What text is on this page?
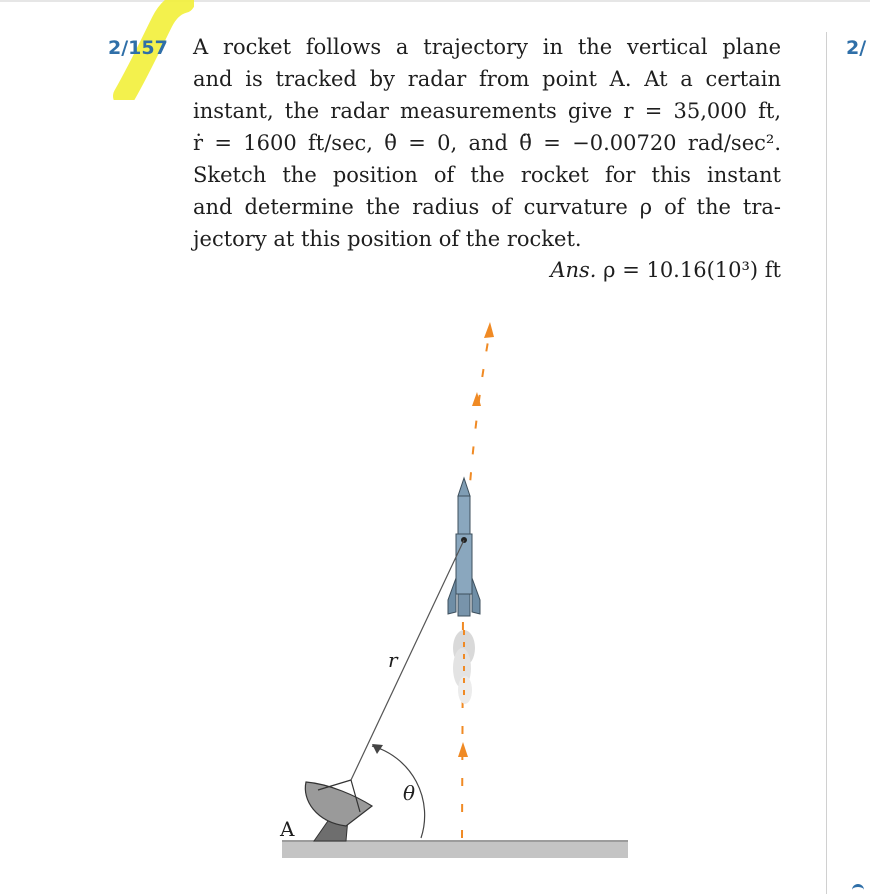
2/157 A rocket follows a trajectory in the vertical plane
and is tracked by radar from point A. At a certain
instant, the radar measurements give r = 35,000 ft,
ṙ = 1600 ft/sec, θ̇ = 0, and θ̈ = −0.00720 rad/sec².
Sketch the position of the rocket for this instant
and determine the radius of curvature ρ of the tra-
jectory at this position of the rocket.
Ans. ρ = 10.16(10³) ft
2/
r
θ
A
